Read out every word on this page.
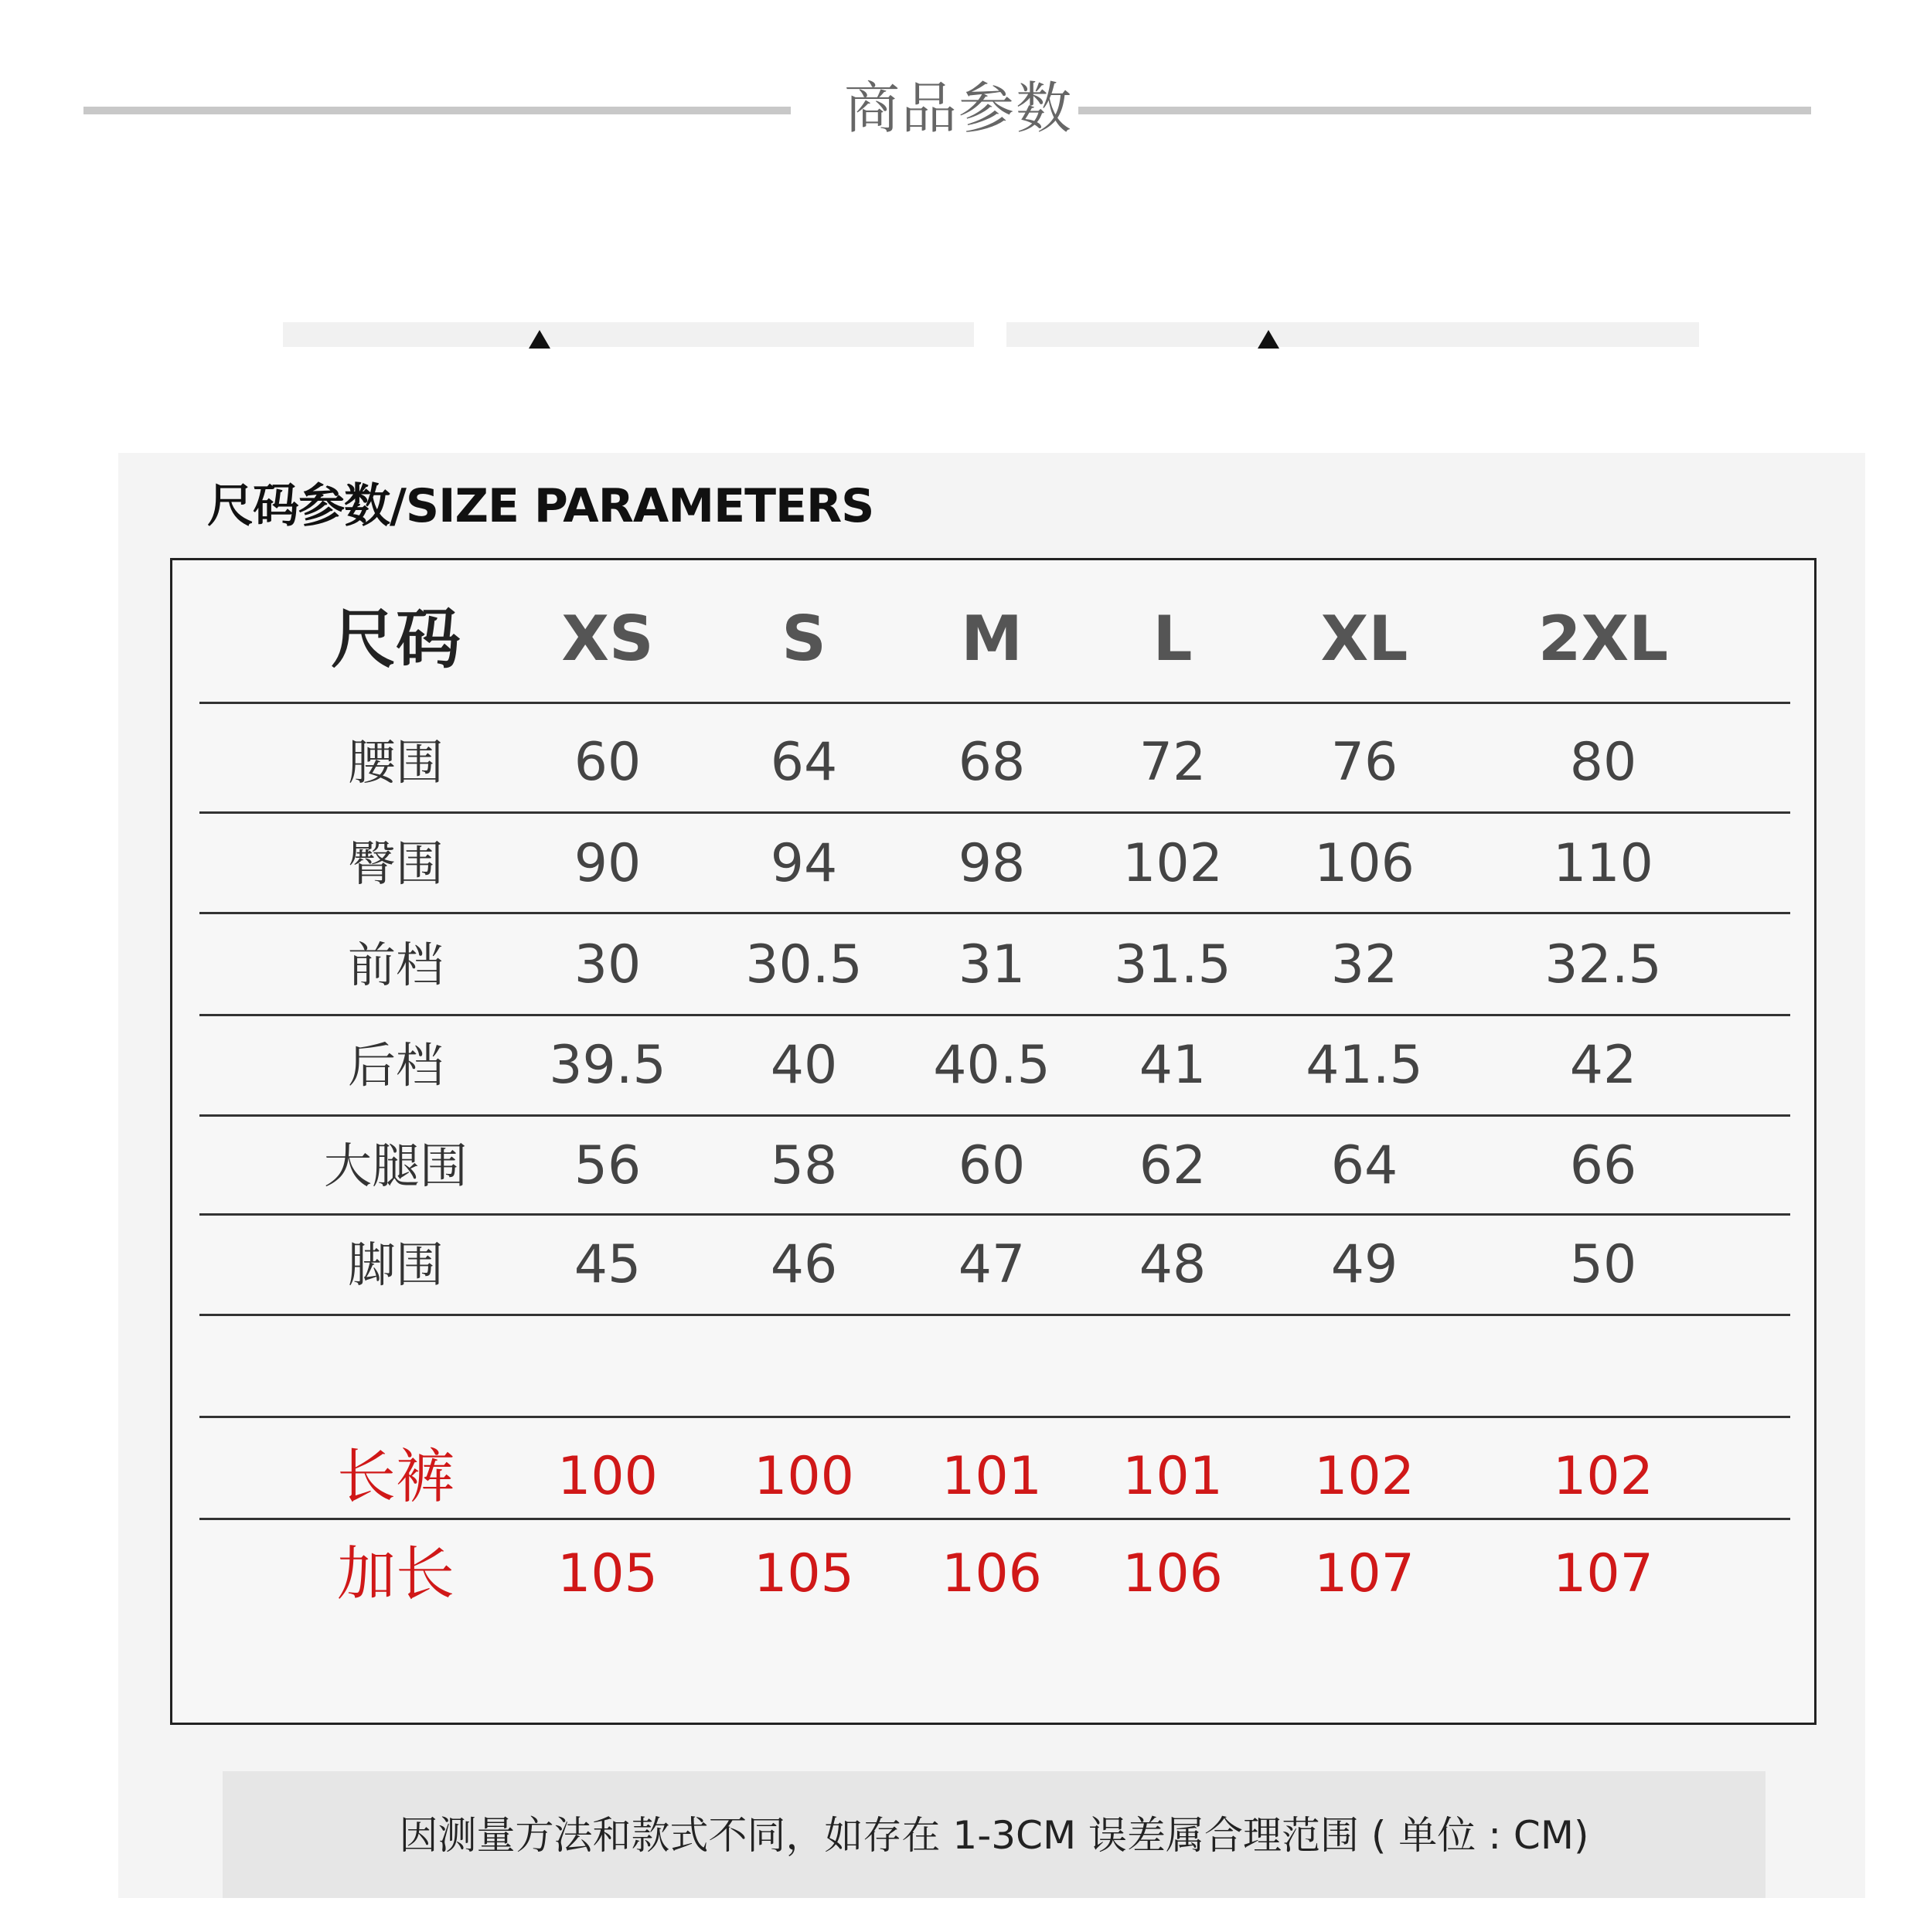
商品参数
尺码参数/SIZE PARAMETERS
尺码	XS	S	M	L	XL	2XL
腰围	60	64	68	72	76	80
臀围	90	94	98	102	106	110
前档	30	30.5	31	31.5	32	32.5
后档	39.5	40	40.5	41	41.5	42
大腿围	56	58	60	62	64	66
脚围	45	46	47	48	49	50
长裤	100	100	101	101	102	102
加长	105	105	106	106	107	107
因测量方法和款式不同，如存在 1-3CM 误差属合理范围 ( 单位 : CM)
